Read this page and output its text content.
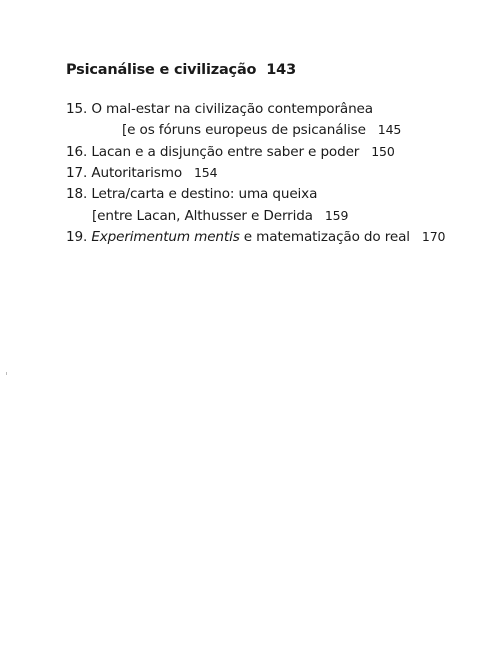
Psicanálise e civilização 143
15. O mal-estar na civilização contemporânea
[e os fóruns europeus de psicanálise 145
16. Lacan e a disjunção entre saber e poder 150
17. Autoritarismo 154
18. Letra/carta e destino: uma queixa
[entre Lacan, Althusser e Derrida 159
19. Experimentum mentis e matematização do real 170
